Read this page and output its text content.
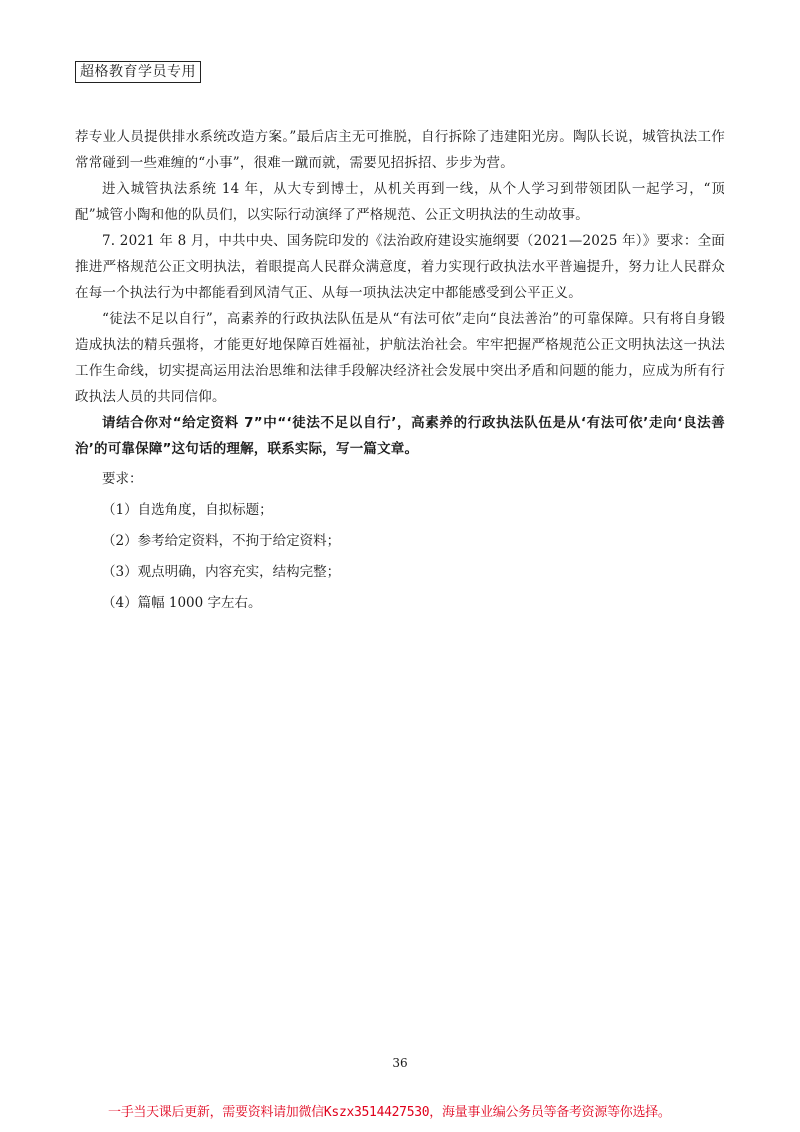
超格教育学员专用

荐专业人员提供排水系统改造方案。”最后店主无可推脱，自行拆除了违建阳光房。陶队长说，城管执法工作常常碰到一些难缠的“小事”，很难一蹴而就，需要见招拆招、步步为营。

进入城管执法系统 14 年，从大专到博士，从机关再到一线，从个人学习到带领团队一起学习，“顶配”城管小陶和他的队员们，以实际行动演绎了严格规范、公正文明执法的生动故事。

7. 2021 年 8 月，中共中央、国务院印发的《法治政府建设实施纲要（2021—2025 年）》要求：全面推进严格规范公正文明执法，着眼提高人民群众满意度，着力实现行政执法水平普遍提升，努力让人民群众在每一个执法行为中都能看到风清气正、从每一项执法决定中都能感受到公平正义。

“徒法不足以自行”，高素养的行政执法队伍是从“有法可依”走向“良法善治”的可靠保障。只有将自身锻造成执法的精兵强将，才能更好地保障百姓福祉，护航法治社会。牢牢把握严格规范公正文明执法这一执法工作生命线，切实提高运用法治思维和法律手段解决经济社会发展中突出矛盾和问题的能力，应成为所有行政执法人员的共同信仰。

请结合你对“给定资料 7”中“‘徒法不足以自行’，高素养的行政执法队伍是从‘有法可依’走向‘良法善治’的可靠保障”这句话的理解，联系实际，写一篇文章。

要求：
（1）自选角度，自拟标题；
（2）参考给定资料，不拘于给定资料；
（3）观点明确，内容充实，结构完整；
（4）篇幅 1000 字左右。
36
一手当天课后更新，需要资料请加微信Kszx3514427530，海量事业编公务员等备考资源等你选择。
